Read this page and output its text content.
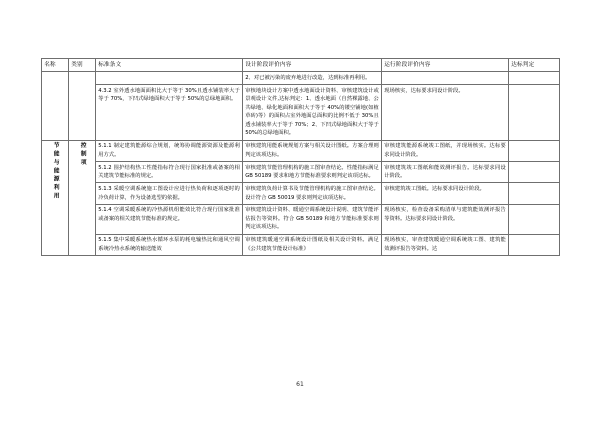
名称	类别	标准条文	设计阶段评价内容	运行阶段评价内容	达标判定

			2、对已被污染的废弃地进行改造，达到标准再利用。		

		4.3.2 室外透水地面面积比大于等于 30%且透水铺装率大于等于 70%，下凹式绿地面积大于等于 50%的总绿地面积。	审核地块设计方案中透水地面设计资料、审核建筑设计或景观设计文件,达标判定：1、透水地面（自然裸露地、公共绿地、绿化地面和面积大于等于 40%的镂空铺地(如植草砖)等）的面积占室外地面总面积的比例不低于 30%且透水铺装率大于等于 70%；2、下凹式绿地面积大于等于 50%的总绿地面积。	现场核实，达标要求同设计阶段。	

节能与能源利用	控制项	5.1.1 制定建筑能源综合规划，统筹协调能源资源及能源利用方式。	审核建筑用能系统规划方案与相关设计图纸。方案合理则判定该项达标。	审核建筑能源系统竣工图纸，并现场核实。达标要求同设计阶段。	

		5.1.2 围护结构热工性能指标符合现行国家批准或备案的相关建筑节能标准的规定。	审核建筑节能管理机构的施工图审查结论。性能指标满足 GB 50189 要求和地方节能标准要求则判定该项达标。	审核建筑竣工图纸和能效测评报告。达标要求同设计阶段。	

		5.1.3 采暖空调系统施工图设计应进行热负荷和逐项逐时的冷负荷计算，作为设备选型的依据。	审核建筑负荷计算书及节能管理机构的施工图审查结论。设计符合 GB 50019 要求则判定该项达标。	审核建筑竣工图纸。达标要求同设计阶段。	

		5.1.4 空调采暖系统的冷热源机组能效比符合现行国家批准或备案的相关建筑节能标准的规定。	审核建筑设计资料、暖通空调系统设计说明、建筑节能评估报告等资料。符合 GB 50189 和地方节能标准要求则判定该项达标。	现场核实，检查设备采购清单与建筑能效测评报告等资料。达标要求同设计阶段。	

		5.1.5 集中采暖系统热水循环水泵的耗电输热比和通风空调系统冷热水系统的输送能效	审核建筑暖通空调系统设计图纸及相关设计资料。满足《公共建筑节能设计标准》	现场核实，审查建筑暖通空调系统竣工图、建筑能效测评报告等资料。达	

61
